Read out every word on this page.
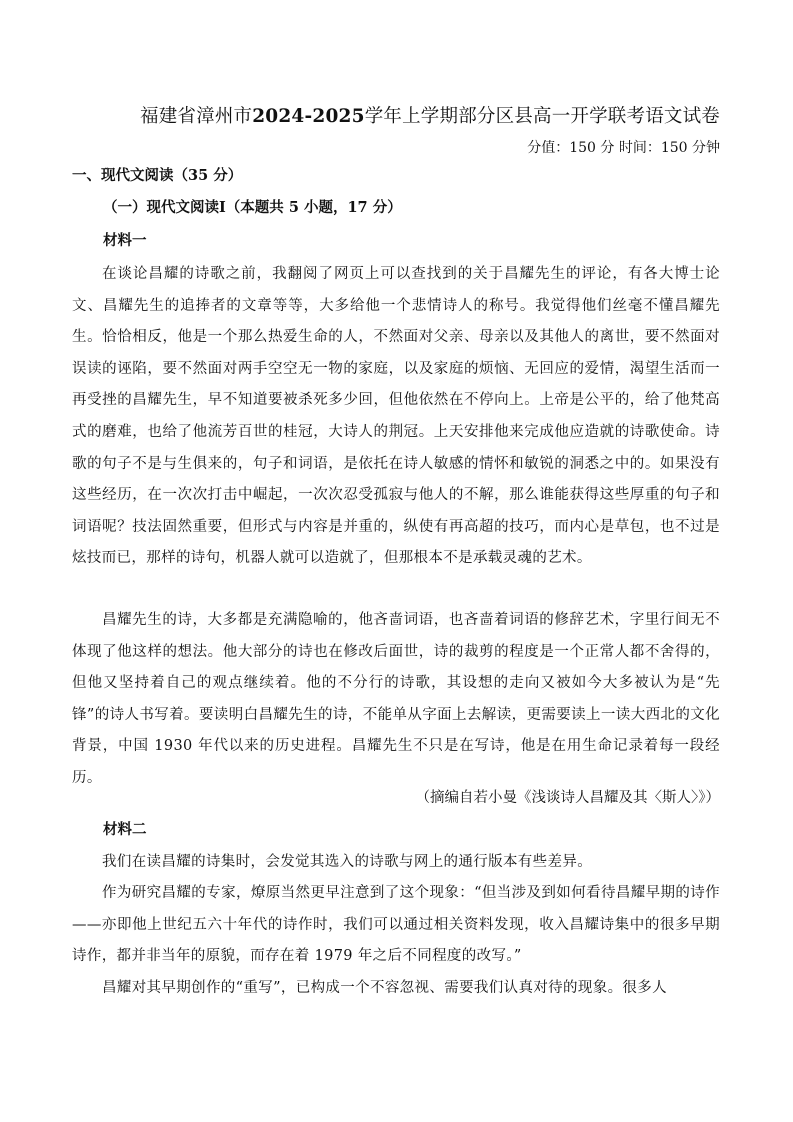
福建省漳州市2024-2025学年上学期部分区县高一开学联考语文试卷
分值：150 分 时间：150 分钟
一、现代文阅读（35 分）
（一）现代文阅读Ⅰ（本题共 5 小题，17 分）
材料一

在谈论昌耀的诗歌之前，我翻阅了网页上可以查找到的关于昌耀先生的评论，有各大博士论文、昌耀先生的追捧者的文章等等，大多给他一个悲情诗人的称号。我觉得他们丝毫不懂昌耀先生。恰恰相反，他是一个那么热爱生命的人，不然面对父亲、母亲以及其他人的离世，要不然面对误读的诬陷，要不然面对两手空空无一物的家庭，以及家庭的烦恼、无回应的爱情，渴望生活而一再受挫的昌耀先生，早不知道要被杀死多少回，但他依然在不停向上。上帝是公平的，给了他梵高式的磨难，也给了他流芳百世的桂冠，大诗人的荆冠。上天安排他来完成他应造就的诗歌使命。诗歌的句子不是与生俱来的，句子和词语，是依托在诗人敏感的情怀和敏锐的洞悉之中的。如果没有这些经历，在一次次打击中崛起，一次次忍受孤寂与他人的不解，那么谁能获得这些厚重的句子和词语呢？技法固然重要，但形式与内容是并重的，纵使有再高超的技巧，而内心是草包，也不过是炫技而已，那样的诗句，机器人就可以造就了，但那根本不是承载灵魂的艺术。

昌耀先生的诗，大多都是充满隐喻的，他吝啬词语，也吝啬着词语的修辞艺术，字里行间无不体现了他这样的想法。他大部分的诗也在修改后面世，诗的裁剪的程度是一个正常人都不舍得的，但他又坚持着自己的观点继续着。他的不分行的诗歌，其设想的走向又被如今大多被认为是“先锋”的诗人书写着。要读明白昌耀先生的诗，不能单从字面上去解读，更需要读上一读大西北的文化背景，中国 1930 年代以来的历史进程。昌耀先生不只是在写诗，他是在用生命记录着每一段经历。

（摘编自若小曼《浅谈诗人昌耀及其〈斯人〉》）
材料二

我们在读昌耀的诗集时，会发觉其选入的诗歌与网上的通行版本有些差异。

作为研究昌耀的专家，燎原当然更早注意到了这个现象：“但当涉及到如何看待昌耀早期的诗作——亦即他上世纪五六十年代的诗作时，我们可以通过相关资料发现，收入昌耀诗集中的很多早期诗作，都并非当年的原貌，而存在着 1979 年之后不同程度的改写。”

昌耀对其早期创作的“重写”，已构成一个不容忽视、需要我们认真对待的现象。很多人
